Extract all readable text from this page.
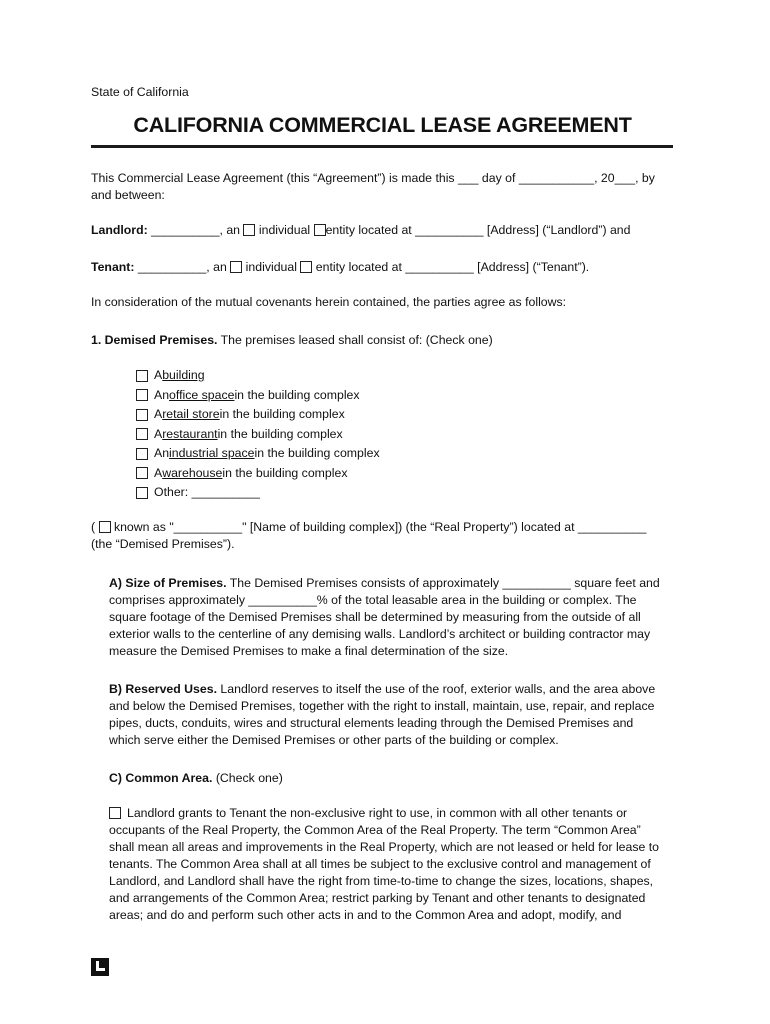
State of California
CALIFORNIA COMMERCIAL LEASE AGREEMENT
This Commercial Lease Agreement (this “Agreement”) is made this ___ day of ___________, 20___, by
and between:
Landlord: __________, an individual entity located at __________ [Address] (“Landlord”) and
Tenant: __________, an individual entity located at __________ [Address] (“Tenant”).
In consideration of the mutual covenants herein contained, the parties agree as follows:
1. Demised Premises. The premises leased shall consist of: (Check one)
A building
An office space in the building complex
A retail store in the building complex
A restaurant in the building complex
An industrial space in the building complex
A warehouse in the building complex
Other: __________
(  known as "__________" [Name of building complex]) (the “Real Property”) located at __________
(the “Demised Premises”).
A) Size of Premises. The Demised Premises consists of approximately __________ square feet and
comprises approximately __________% of the total leasable area in the building or complex. The
square footage of the Demised Premises shall be determined by measuring from the outside of all
exterior walls to the centerline of any demising walls. Landlord’s architect or building contractor may
measure the Demised Premises to make a final determination of the size.
B) Reserved Uses. Landlord reserves to itself the use of the roof, exterior walls, and the area above
and below the Demised Premises, together with the right to install, maintain, use, repair, and replace
pipes, ducts, conduits, wires and structural elements leading through the Demised Premises and
which serve either the Demised Premises or other parts of the building or complex.
C) Common Area. (Check one)
Landlord grants to Tenant the non-exclusive right to use, in common with all other tenants or
occupants of the Real Property, the Common Area of the Real Property. The term “Common Area”
shall mean all areas and improvements in the Real Property, which are not leased or held for lease to
tenants. The Common Area shall at all times be subject to the exclusive control and management of
Landlord, and Landlord shall have the right from time-to-time to change the sizes, locations, shapes,
and arrangements of the Common Area; restrict parking by Tenant and other tenants to designated
areas; and do and perform such other acts in and to the Common Area and adopt, modify, and
